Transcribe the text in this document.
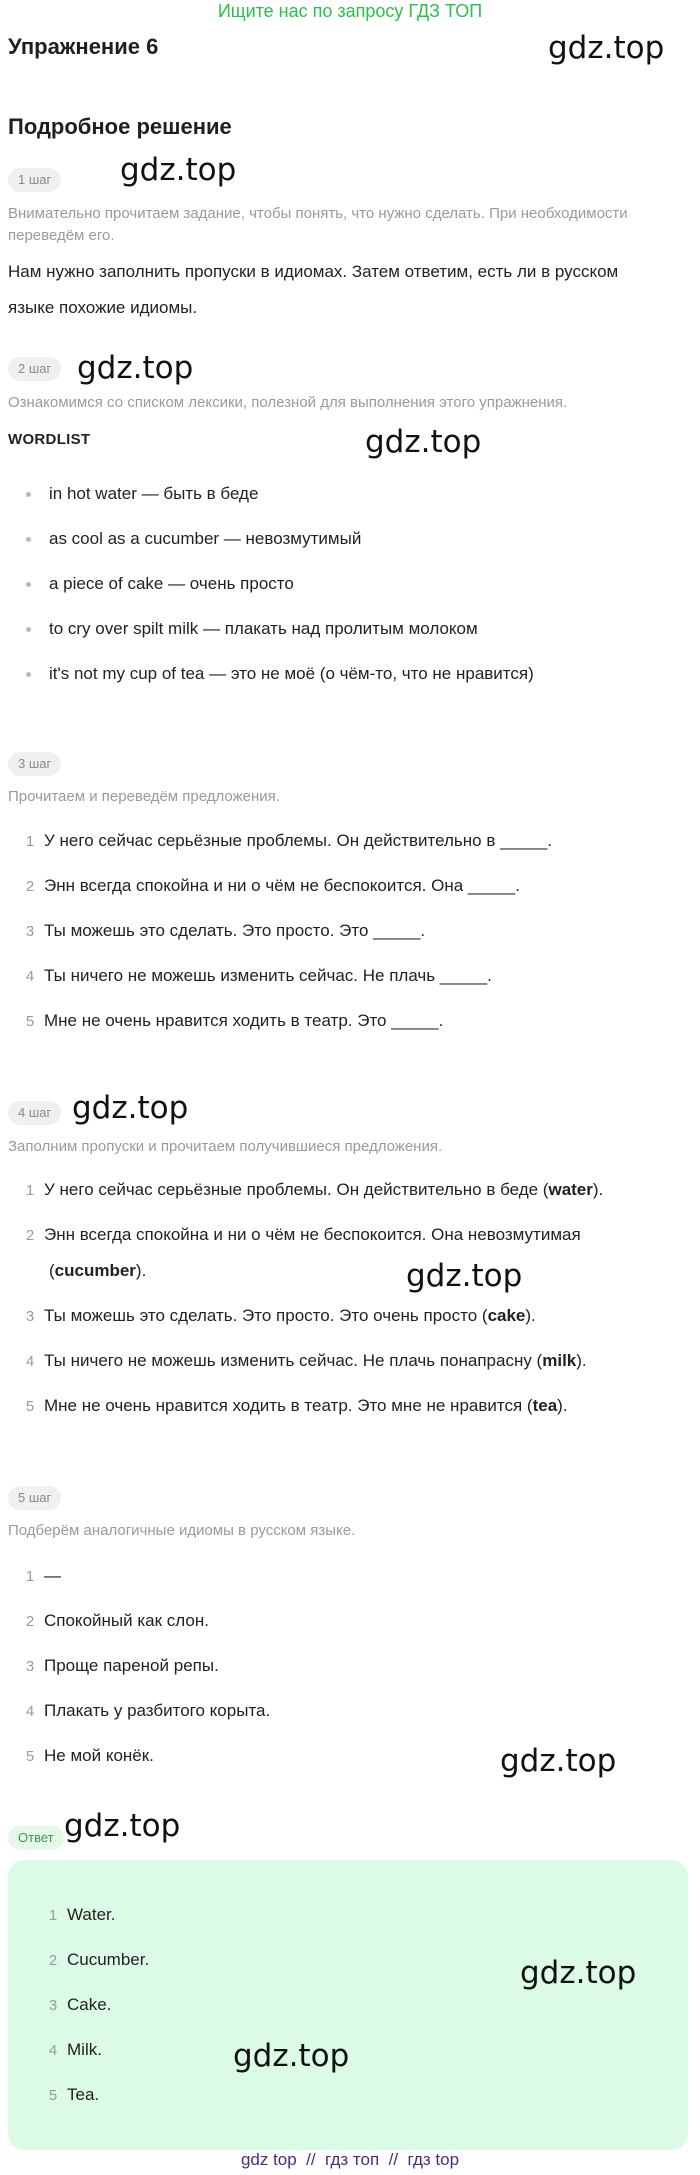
Ищите нас по запросу ГДЗ ТОП
Упражнение 6	gdz.top
Подробное решение
1 шаг	gdz.top
Внимательно прочитаем задание, чтобы понять, что нужно сделать. При необходимости
переведём его.
Нам нужно заполнить пропуски в идиомах. Затем ответим, есть ли в русском
языке похожие идиомы.
2 шаг gdz.top
Ознакомимся со списком лексики, полезной для выполнения этого упражнения.
WORDLIST	gdz.top
in hot water — быть в беде
as cool as a cucumber — невозмутимый
a piece of cake — очень просто
to cry over spilt milk — плакать над пролитым молоком
it's not my cup of tea — это не моё (о чём-то, что не нравится)
3 шаг
Прочитаем и переведём предложения.
1 У него сейчас серьёзные проблемы. Он действительно в _____.
2 Энн всегда спокойна и ни о чём не беспокоится. Она _____.
3 Ты можешь это сделать. Это просто. Это _____.
4 Ты ничего не можешь изменить сейчас. Не плачь _____.
5 Мне не очень нравится ходить в театр. Это _____.
4 шаг gdz.top
Заполним пропуски и прочитаем получившиеся предложения.
1 У него сейчас серьёзные проблемы. Он действительно в беде (water).
2 Энн всегда спокойна и ни о чём не беспокоится. Она невозмутимая
(cucumber).
3 Ты можешь это сделать. Это просто. Это очень просто (cake).
4 Ты ничего не можешь изменить сейчас. Не плачь понапрасну (milk).
5 Мне не очень нравится ходить в театр. Это мне не нравится (tea).
gdz.top
5 шаг
Подберём аналогичные идиомы в русском языке.
1 —
2 Спокойный как слон.
3 Проще пареной репы.
4 Плакать у разбитого корыта.
5 Не мой конёк.	gdz.top
Ответ gdz.top
1 Water.
2 Cucumber.
3 Cake.
4 Milk.
5 Tea.
gdz.top
gdz.top
gdz top  //  гдз топ  //  гдз top
